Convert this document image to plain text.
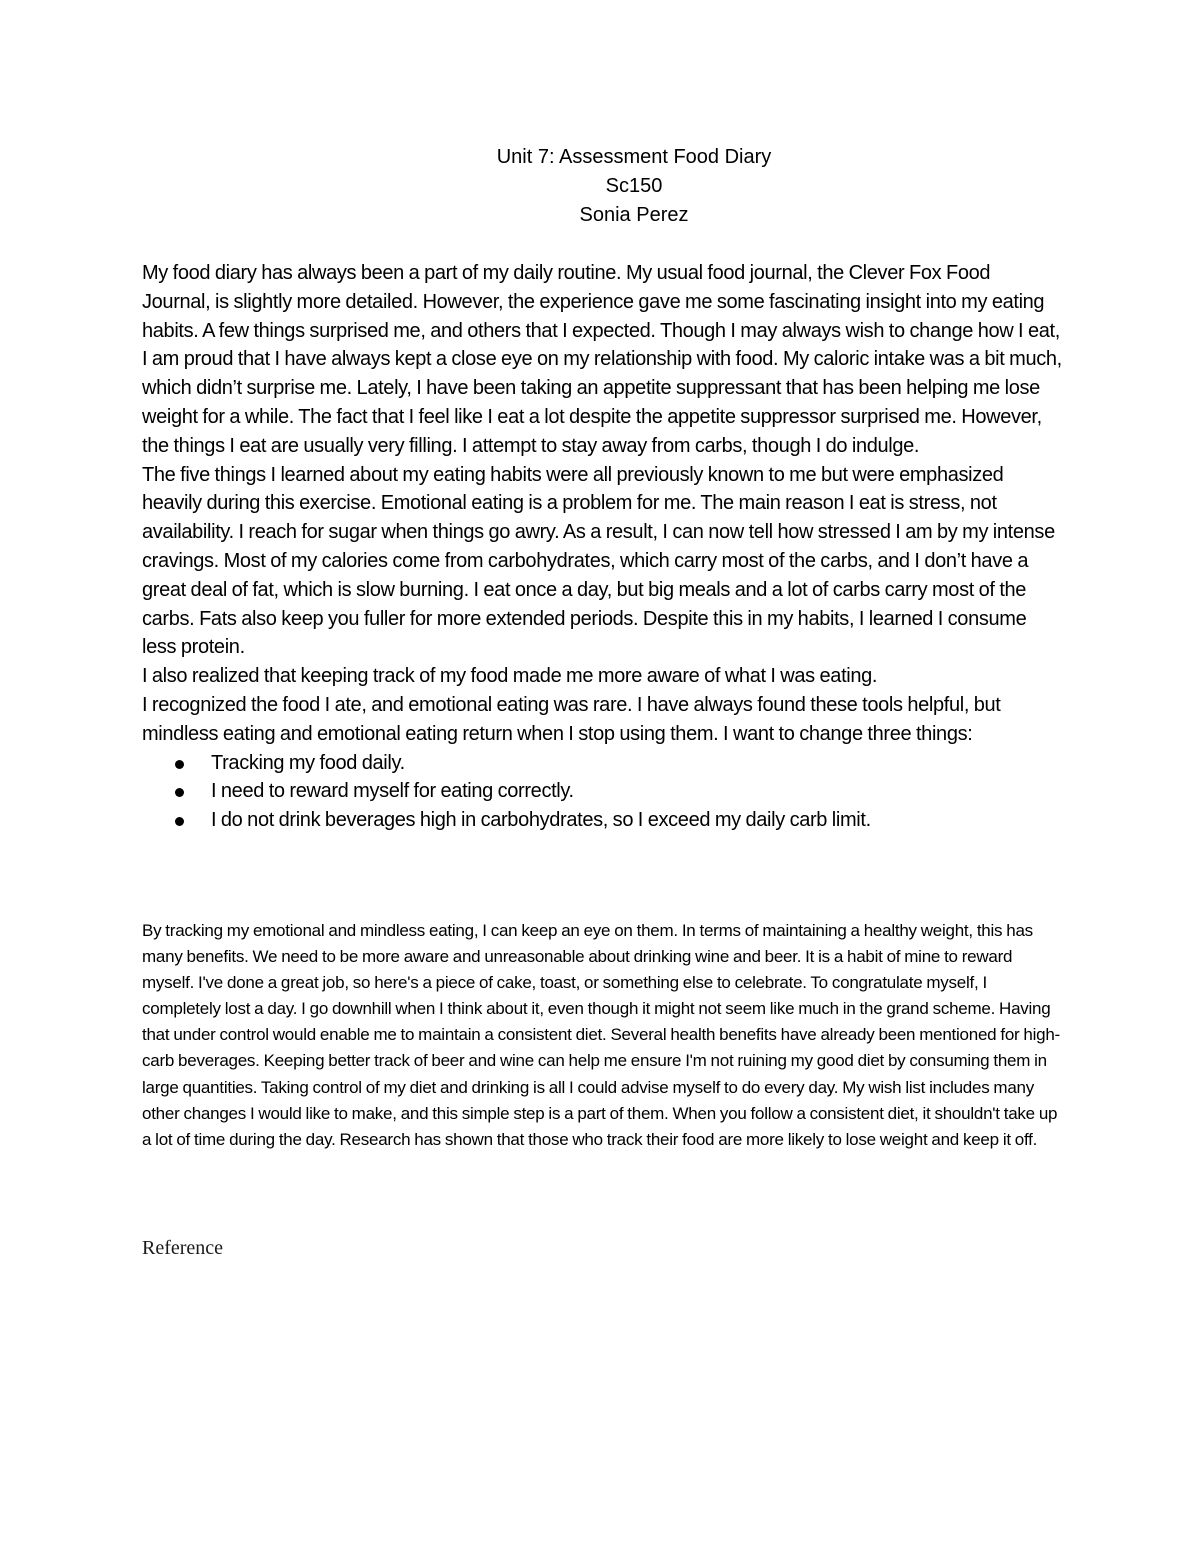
Unit 7: Assessment Food Diary
Sc150
Sonia Perez

My food diary has always been a part of my daily routine. My usual food journal, the Clever Fox Food Journal, is slightly more detailed. However, the experience gave me some fascinating insight into my eating habits. A few things surprised me, and others that I expected. Though I may always wish to change how I eat, I am proud that I have always kept a close eye on my relationship with food. My caloric intake was a bit much, which didn’t surprise me. Lately, I have been taking an appetite suppressant that has been helping me lose weight for a while. The fact that I feel like I eat a lot despite the appetite suppressor surprised me. However, the things I eat are usually very filling. I attempt to stay away from carbs, though I do indulge.

The five things I learned about my eating habits were all previously known to me but were emphasized heavily during this exercise. Emotional eating is a problem for me. The main reason I eat is stress, not availability. I reach for sugar when things go awry. As a result, I can now tell how stressed I am by my intense cravings. Most of my calories come from carbohydrates, which carry most of the carbs, and I don’t have a great deal of fat, which is slow burning. I eat once a day, but big meals and a lot of carbs carry most of the carbs. Fats also keep you fuller for more extended periods. Despite this in my habits, I learned I consume less protein.

I also realized that keeping track of my food made me more aware of what I was eating.

I recognized the food I ate, and emotional eating was rare. I have always found these tools helpful, but mindless eating and emotional eating return when I stop using them. I want to change three things:

Tracking my food daily.
I need to reward myself for eating correctly.
I do not drink beverages high in carbohydrates, so I exceed my daily carb limit.

By tracking my emotional and mindless eating, I can keep an eye on them. In terms of maintaining a healthy weight, this has many benefits. We need to be more aware and unreasonable about drinking wine and beer. It is a habit of mine to reward myself. I've done a great job, so here's a piece of cake, toast, or something else to celebrate. To congratulate myself, I completely lost a day. I go downhill when I think about it, even though it might not seem like much in the grand scheme. Having that under control would enable me to maintain a consistent diet. Several health benefits have already been mentioned for high-carb beverages. Keeping better track of beer and wine can help me ensure I'm not ruining my good diet by consuming them in large quantities. Taking control of my diet and drinking is all I could advise myself to do every day. My wish list includes many other changes I would like to make, and this simple step is a part of them. When you follow a consistent diet, it shouldn't take up a lot of time during the day. Research has shown that those who track their food are more likely to lose weight and keep it off.

Reference
